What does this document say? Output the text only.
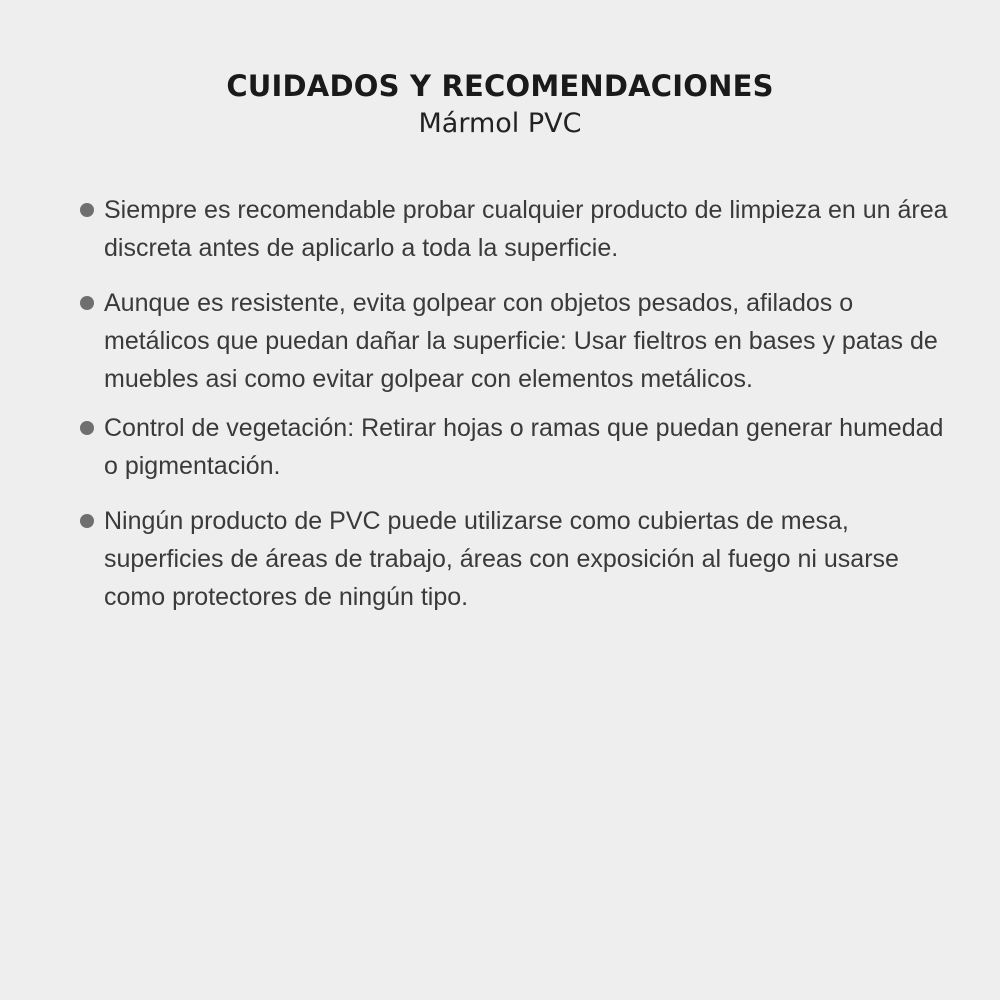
CUIDADOS Y RECOMENDACIONES
Mármol PVC
Siempre es recomendable probar cualquier producto de limpieza en un área discreta antes de aplicarlo a toda la superficie.
Aunque es resistente, evita golpear con objetos pesados, afilados o metálicos que puedan dañar la superficie: Usar fieltros en bases y patas de muebles asi como evitar golpear con elementos metálicos.
Control de vegetación: Retirar hojas o ramas que puedan generar humedad o pigmentación.
Ningún producto de PVC puede utilizarse como cubiertas de mesa, superficies de áreas de trabajo, áreas con exposición al fuego ni usarse como protectores de ningún tipo.
